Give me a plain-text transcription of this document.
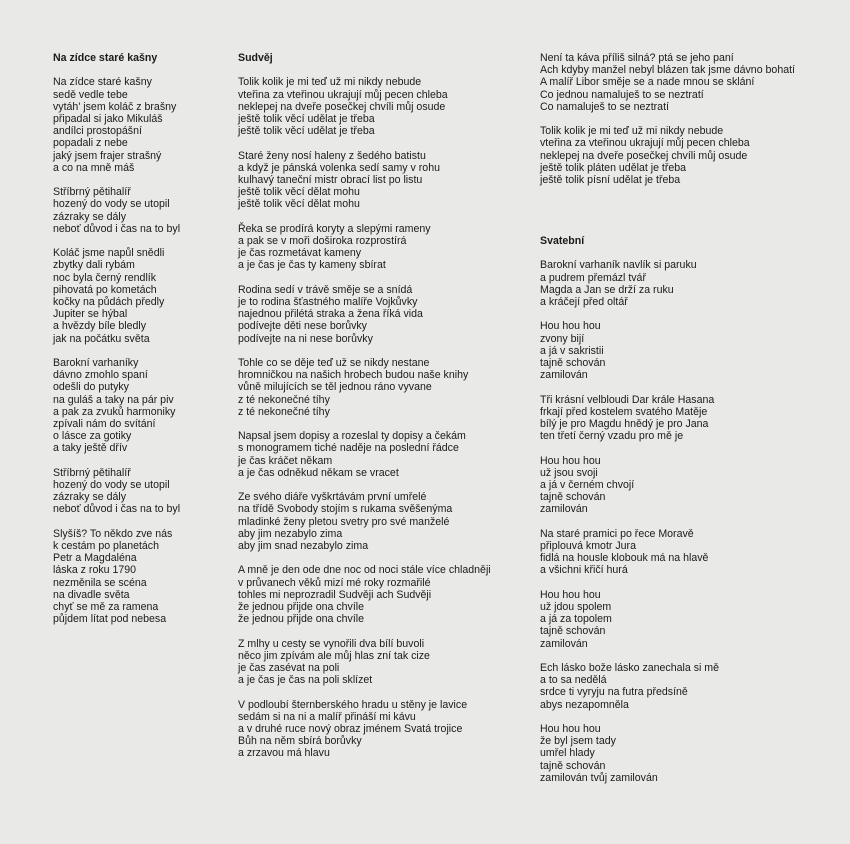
Na zídce staré kašny
Na zídce staré kašny
sedě vedle tebe
vytáh' jsem koláč z brašny
připadal si jako Mikuláš
andílci prostopášní
popadali z nebe
jaký jsem frajer strašný
a co na mně máš
Stříbrný pětihalíř
hozený do vody se utopil
zázraky se dály
neboť důvod i čas na to byl
Koláč jsme napůl snědli
zbytky dali rybám
noc byla černý rendlík
pihovatá po kometách
kočky na půdách předly
Jupiter se hýbal
a hvězdy bíle bledly
jak na počátku světa
Barokní varhaníky
dávno zmohlo spaní
odešli do putyky
na guláš a taky na pár piv
a pak za zvuků harmoniky
zpívali nám do svítání
o lásce za gotiky
a taky ještě dřív
Stříbrný pětihalíř
hozený do vody se utopil
zázraky se dály
neboť důvod i čas na to byl
Slyšíš? To někdo zve nás
k cestám po planetách
Petr a Magdaléna
láska z roku 1790
nezměnila se scéna
na divadle světa
chyť se mě za ramena
půjdem lítat pod nebesa
Sudvěj
Tolik kolik je mi teď už mi nikdy nebude
vteřina za vteřinou ukrajují můj pecen chleba
neklepej na dveře posečkej chvíli můj osude
ještě tolik věcí udělat je třeba
ještě tolik věcí udělat je třeba
Staré ženy nosí haleny z šedého batistu
a když je pánská volenka sedí samy v rohu
kulhavý taneční mistr obrací list po listu
ještě tolik věcí dělat mohu
ještě tolik věcí dělat mohu
Řeka se prodírá koryty a slepými rameny
a pak se v moři doširoka rozprostírá
je čas rozmetávat kameny
a je čas je čas ty kameny sbírat
Rodina sedí v trávě směje se a snídá
je to rodina šťastného malíře Vojkůvky
najednou přilétá straka a žena říká vida
podívejte děti nese borůvky
podívejte na ni nese borůvky
Tohle co se děje teď už se nikdy nestane
hromničkou na našich hrobech budou naše knihy
vůně milujících se těl jednou ráno vyvane
z té nekonečné tíhy
z té nekonečné tíhy
Napsal jsem dopisy a rozeslal ty dopisy a čekám
s monogramem tiché naděje na poslední řádce
je čas kráčet někam
a je čas odněkud někam se vracet
Ze svého diáře vyškrtávám první umřelé
na třídě Svobody stojím s rukama svěšenýma
mladinké ženy pletou svetry pro své manželé
aby jim nezabylo zima
aby jim snad nezabylo zima
A mně je den ode dne noc od noci stále více chladněji
v průvanech věků mizí mé roky rozmařilé
tohles mi neprozradil Sudvěji ach Sudvěji
že jednou přijde ona chvíle
že jednou přijde ona chvíle
Z mlhy u cesty se vynořili dva bílí buvoli
něco jim zpívám ale můj hlas zní tak cize
je čas zasévat na poli
a je čas je čas na poli sklízet
V podloubí šternberského hradu u stěny je lavice
sedám si na ni a malíř přináší mi kávu
a v druhé ruce nový obraz jménem Svatá trojice
Bůh na něm sbírá borůvky
a zrzavou má hlavu
Není ta káva příliš silná? ptá se jeho paní
Ach kdyby manžel nebyl blázen tak jsme dávno bohatí
A malíř Libor směje se a nade mnou se sklání
Co jednou namaluješ to se neztratí
Co namaluješ to se neztratí
Tolik kolik je mi teď už mi nikdy nebude
vteřina za vteřinou ukrajují můj pecen chleba
neklepej na dveře posečkej chvíli můj osude
ještě tolik pláten udělat je třeba
ještě tolik písní udělat je třeba
Svatební
Barokní varhaník navlík si paruku
a pudrem přemázl tvář
Magda a Jan se drží za ruku
a kráčejí před oltář
Hou hou hou
zvony bijí
a já v sakristii
tajně schován
zamilován
Tři krásní velbloudi Dar krále Hasana
frkají před kostelem svatého Matěje
bílý je pro Magdu hnědý je pro Jana
ten třetí černý vzadu pro mě je
Hou hou hou
už jsou svoji
a já v černém chvojí
tajně schován
zamilován
Na staré pramici po řece Moravě
připlouvá kmotr Jura
fidlá na housle klobouk má na hlavě
a všichni křičí hurá
Hou hou hou
už jdou spolem
a já za topolem
tajně schován
zamilován
Ech lásko bože lásko zanechala si mě
a to sa nedělá
srdce ti vyryju na futra předsíně
abys nezapomněla
Hou hou hou
že byl jsem tady
umřel hlady
tajně schován
zamilován tvůj zamilován
